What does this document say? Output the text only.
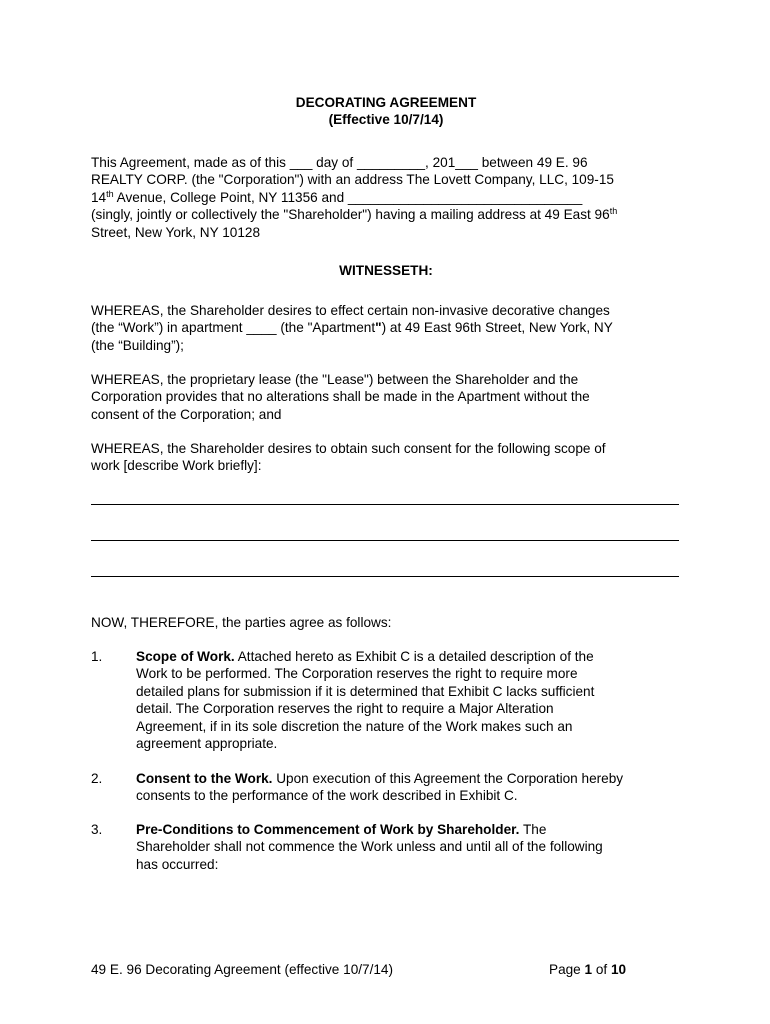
DECORATING AGREEMENT

(Effective 10/7/14)

This Agreement, made as of this ___ day of _________, 201___ between 49 E. 96

REALTY CORP. (the "Corporation") with an address The Lovett Company, LLC, 109-15

14th Avenue, College Point, NY 11356 and _______________________________

(singly, jointly or collectively the "Shareholder") having a mailing address at 49 East 96th

Street, New York, NY 10128

WITNESSETH:

WHEREAS, the Shareholder desires to effect certain non-invasive decorative changes

(the “Work”) in apartment ____ (the "Apartment") at 49 East 96th Street, New York, NY

(the “Building”);

WHEREAS, the proprietary lease (the "Lease") between the Shareholder and the

Corporation provides that no alterations shall be made in the Apartment without the

consent of the Corporation; and

WHEREAS, the Shareholder desires to obtain such consent for the following scope of

work [describe Work briefly]:

NOW, THEREFORE, the parties agree as follows:
1.	Scope of Work. Attached hereto as Exhibit C is a detailed description of the

Work to be performed. The Corporation reserves the right to require more

detailed plans for submission if it is determined that Exhibit C lacks sufficient

detail. The Corporation reserves the right to require a Major Alteration

Agreement, if in its sole discretion the nature of the Work makes such an

agreement appropriate.

2.	Consent to the Work. Upon execution of this Agreement the Corporation hereby

consents to the performance of the work described in Exhibit C.

3.	Pre-Conditions to Commencement of Work by Shareholder. The

Shareholder shall not commence the Work unless and until all of the following

has occurred:

49 E. 96 Decorating Agreement (effective 10/7/14)	Page 1 of 10
